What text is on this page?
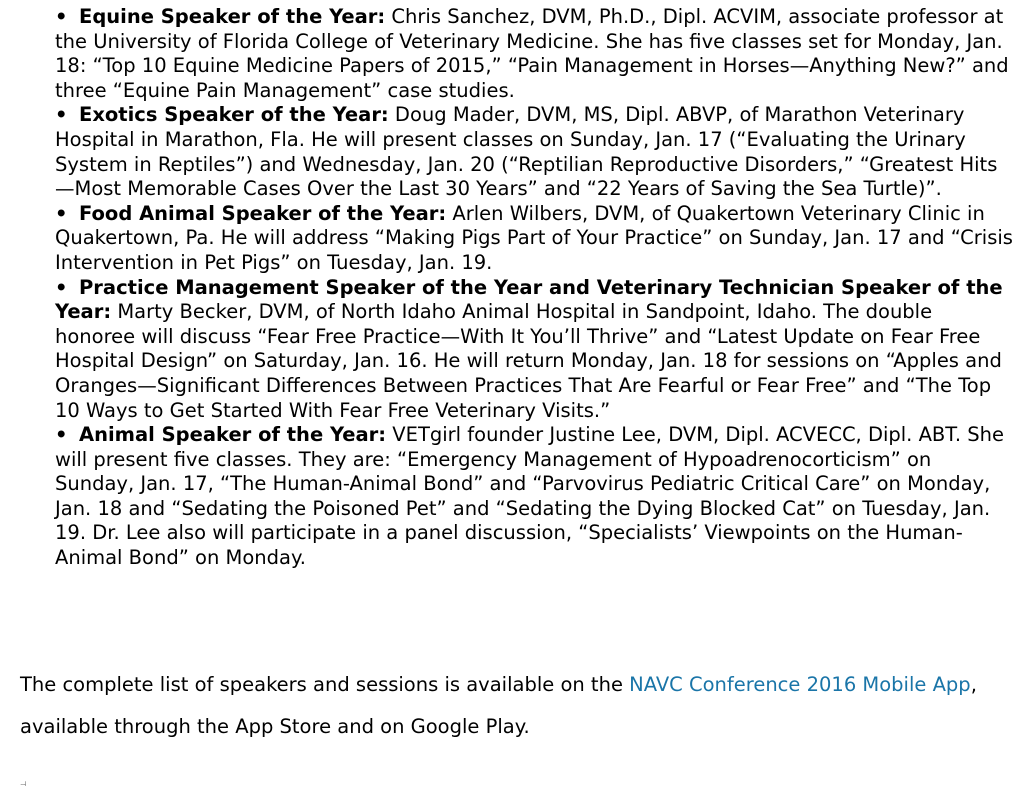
• Equine Speaker of the Year: Chris Sanchez, DVM, Ph.D., Dipl. ACVIM, associate professor at the University of Florida College of Veterinary Medicine. She has five classes set for Monday, Jan. 18: “Top 10 Equine Medicine Papers of 2015,” “Pain Management in Horses—Anything New?” and three “Equine Pain Management” case studies.
• Exotics Speaker of the Year: Doug Mader, DVM, MS, Dipl. ABVP, of Marathon Veterinary Hospital in Marathon, Fla. He will present classes on Sunday, Jan. 17 (“Evaluating the Urinary System in Reptiles”) and Wednesday, Jan. 20 (“Reptilian Reproductive Disorders,” “Greatest Hits—Most Memorable Cases Over the Last 30 Years” and “22 Years of Saving the Sea Turtle)”.
• Food Animal Speaker of the Year: Arlen Wilbers, DVM, of Quakertown Veterinary Clinic in Quakertown, Pa. He will address “Making Pigs Part of Your Practice” on Sunday, Jan. 17 and “Crisis Intervention in Pet Pigs” on Tuesday, Jan. 19.
• Practice Management Speaker of the Year and Veterinary Technician Speaker of the Year: Marty Becker, DVM, of North Idaho Animal Hospital in Sandpoint, Idaho. The double honoree will discuss “Fear Free Practice—With It You’ll Thrive” and “Latest Update on Fear Free Hospital Design” on Saturday, Jan. 16. He will return Monday, Jan. 18 for sessions on “Apples and Oranges—Significant Differences Between Practices That Are Fearful or Fear Free” and “The Top 10 Ways to Get Started With Fear Free Veterinary Visits.”
• Animal Speaker of the Year: VETgirl founder Justine Lee, DVM, Dipl. ACVECC, Dipl. ABT. She will present five classes. They are: “Emergency Management of Hypoadrenocorticism” on Sunday, Jan. 17, “The Human-Animal Bond” and “Parvovirus Pediatric Critical Care” on Monday, Jan. 18 and “Sedating the Poisoned Pet” and “Sedating the Dying Blocked Cat” on Tuesday, Jan. 19. Dr. Lee also will participate in a panel discussion, “Specialists’ Viewpoints on the Human-Animal Bond” on Monday.

The complete list of speakers and sessions is available on the NAVC Conference 2016 Mobile App, available through the App Store and on Google Play.

˨˨˨
